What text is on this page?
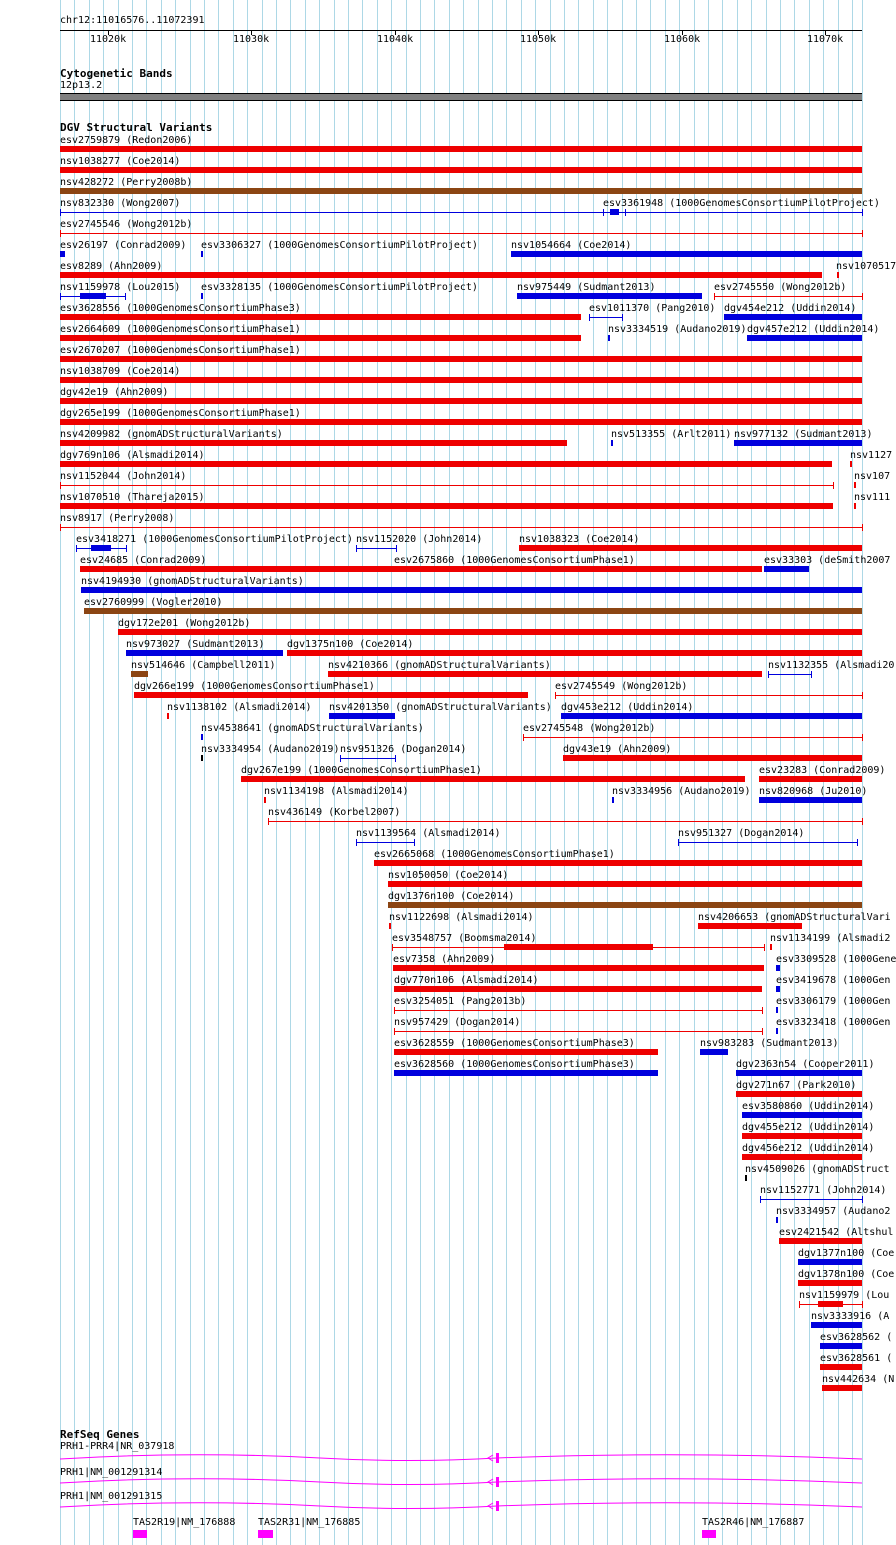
chr12:11016576..11072391
11020k	11030k	11040k	11050k	11060k	11070k
Cytogenetic Bands
12p13.2
DGV Structural Variants
esv2759879 (Redon2006)
nsv1038277 (Coe2014)
nsv428272 (Perry2008b)
nsv832330 (Wong2007)	esv3361948 (1000GenomesConsortiumPilotProject)
esv2745546 (Wong2012b)
esv26197 (Conrad2009) esv3306327 (1000GenomesConsortiumPilotProject)	nsv1054664 (Coe2014)
esv8289 (Ahn2009)	nsv1070517
nsv1159978 (Lou2015) esv3328135 (1000GenomesConsortiumPilotProject)	nsv975449 (Sudmant2013)	esv2745550 (Wong2012b)
esv3628556 (1000GenomesConsortiumPhase3)	esv1011370 (Pang2010) dgv454e212 (Uddin2014)
esv2664609 (1000GenomesConsortiumPhase1)	nsv3334519 (Audano2019) dgv457e212 (Uddin2014)
esv2670207 (1000GenomesConsortiumPhase1)
nsv1038709 (Coe2014)
dgv42e19 (Ahn2009)
dgv265e199 (1000GenomesConsortiumPhase1)
nsv4209982 (gnomADStructuralVariants)	nsv513355 (Arlt2011) nsv977132 (Sudmant2013)
dgv769n106 (Alsmadi2014)	nsv1127
nsv1152044 (John2014)	nsv107
nsv1070510 (Thareja2015)	nsv111
nsv8917 (Perry2008)
esv3418271 (1000GenomesConsortiumPilotProject) nsv1152020 (John2014)	nsv1038323 (Coe2014)
esv24685 (Conrad2009)	esv2675860 (1000GenomesConsortiumPhase1)	esv33303 (deSmith2007
nsv4194930 (gnomADStructuralVariants)
esv2760999 (Vogler2010)
dgv172e201 (Wong2012b)
nsv973027 (Sudmant2013) dgv1375n100 (Coe2014)
nsv514646 (Campbell2011)	nsv4210366 (gnomADStructuralVariants)	nsv1132355 (Alsmadi20
dgv266e199 (1000GenomesConsortiumPhase1)	esv2745549 (Wong2012b)
nsv1138102 (Alsmadi2014) nsv4201350 (gnomADStructuralVariants) dgv453e212 (Uddin2014)
nsv4538641 (gnomADStructuralVariants)	esv2745548 (Wong2012b)
nsv3334954 (Audano2019) nsv951326 (Dogan2014)	dgv43e19 (Ahn2009)
dgv267e199 (1000GenomesConsortiumPhase1)	esv23283 (Conrad2009)
nsv1134198 (Alsmadi2014)	nsv3334956 (Audano2019) nsv820968 (Ju2010)
nsv436149 (Korbel2007)
nsv1139564 (Alsmadi2014)	nsv951327 (Dogan2014)
esv2665068 (1000GenomesConsortiumPhase1)
nsv1050050 (Coe2014)
dgv1376n100 (Coe2014)
nsv1122698 (Alsmadi2014)	nsv4206653 (gnomADStructuralVari
esv3548757 (Boomsma2014)	nsv1134199 (Alsmadi2
esv7358 (Ahn2009)	esv3309528 (1000Gene
dgv770n106 (Alsmadi2014)	esv3419678 (1000Gen
esv3254051 (Pang2013b)	esv3306179 (1000Gen
nsv957429 (Dogan2014)	esv3323418 (1000Gen
esv3628559 (1000GenomesConsortiumPhase3)	nsv983283 (Sudmant2013)
esv3628560 (1000GenomesConsortiumPhase3)	dgv2363n54 (Cooper2011)
dgv271n67 (Park2010)
esv3580860 (Uddin2014)
dgv455e212 (Uddin2014)
dgv456e212 (Uddin2014)
nsv4509026 (gnomADStruct
nsv1152771 (John2014)
nsv3334957 (Audano2
esv2421542 (Altshul
dgv1377n100 (Coe
dgv1378n100 (Coe
nsv1159979 (Lou
nsv3333916 (A
esv3628562 (
esv3628561 (
nsv442634 (N
RefSeq Genes
PRH1-PRR4|NR_037918
PRH1|NM_001291314
PRH1|NM_001291315
TAS2R19|NM_176888 TAS2R31|NM_176885	TAS2R46|NM_176887
